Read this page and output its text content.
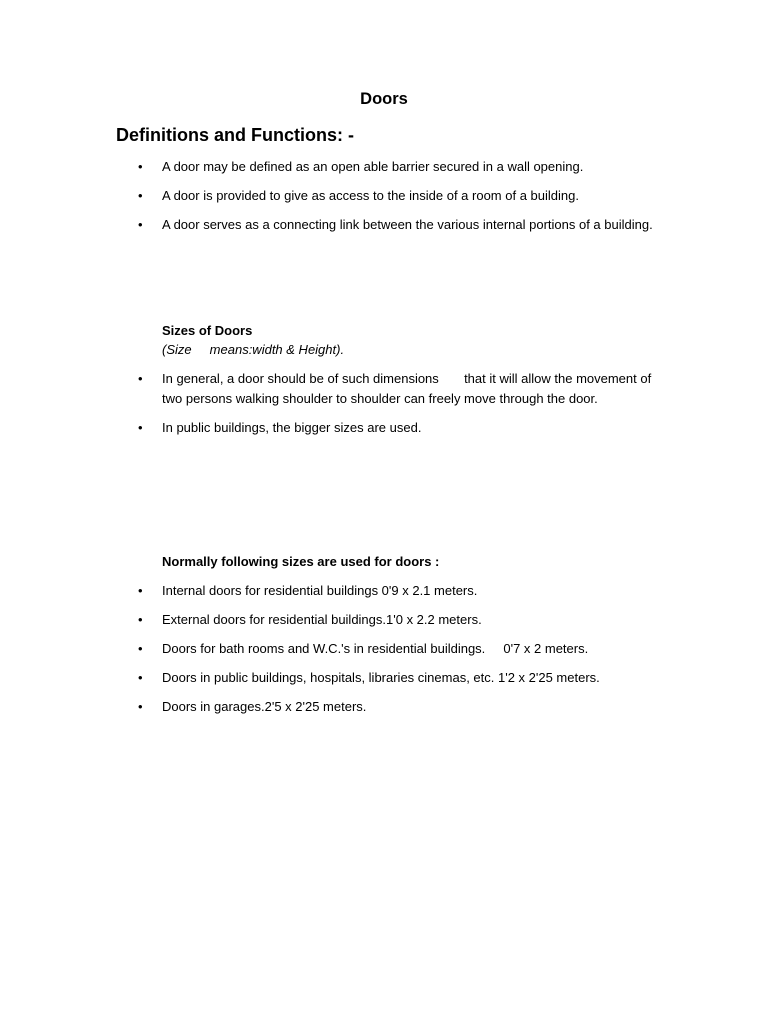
Doors
Definitions and Functions: -
• A door may be defined as an open able barrier secured in a wall opening.
• A door is provided to give as access to the inside of a room of a building.
• A door serves as a connecting link between the various internal portions of a building.
Sizes of Doors
(Size     means:width & Height).
• In general, a door should be of such dimensions       that it will allow the movement of two persons walking shoulder to shoulder can freely move through the door.
• In public buildings, the bigger sizes are used.
Normally following sizes are used for doors :
• Internal doors for residential buildings 0'9 x 2.1 meters.
• External doors for residential buildings.1'0 x 2.2 meters.
• Doors for bath rooms and W.C.'s in residential buildings.     0'7 x 2 meters.
• Doors in public buildings, hospitals, libraries cinemas, etc. 1'2 x 2'25 meters.
• Doors in garages.2'5 x 2'25 meters.
